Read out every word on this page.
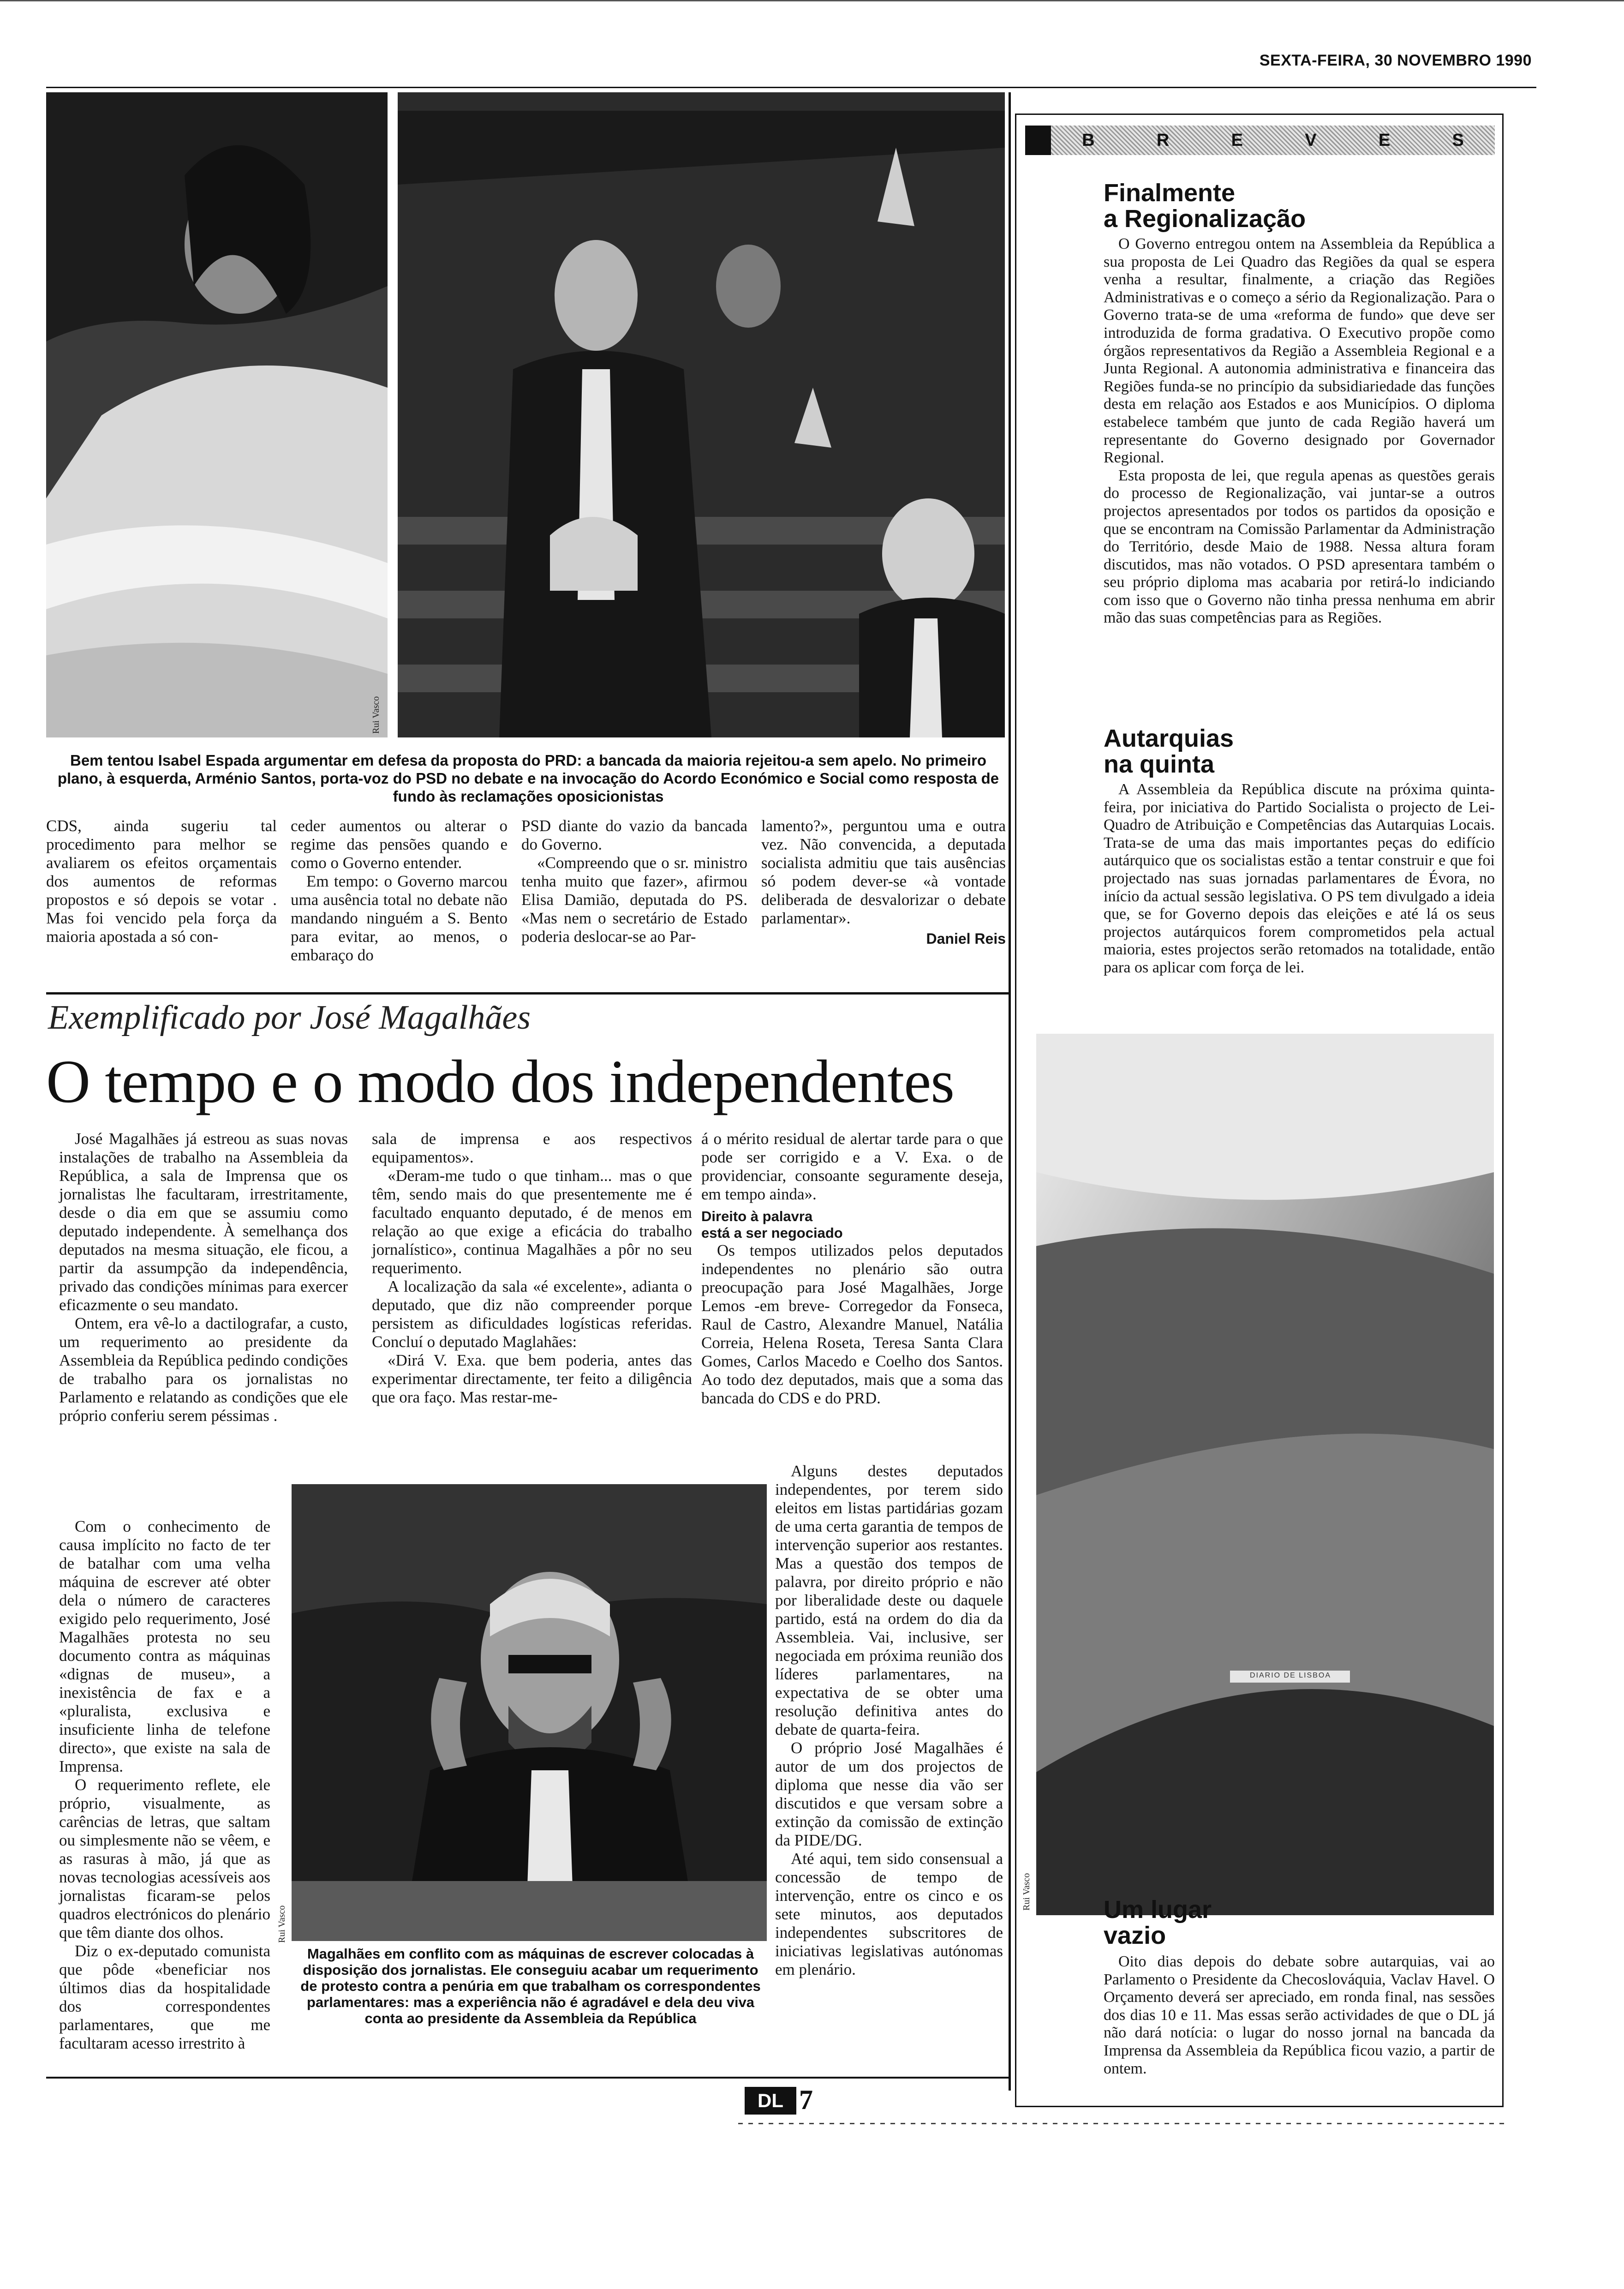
SEXTA-FEIRA, 30 NOVEMBRO 1990
Rui Vasco
Bem tentou Isabel Espada argumentar em defesa da proposta do PRD: a bancada da maioria rejeitou-a sem apelo. No primeiro plano, à esquerda, Arménio Santos, porta-voz do PSD no debate e na invocação do Acordo Económico e Social como resposta de fundo às reclamações oposicionistas

CDS, ainda sugeriu tal procedimento para melhor se avaliarem os efeitos orçamentais dos aumentos de reformas propostos e só depois se votar . Mas foi vencido pela força da maioria apostada a só con-

ceder aumentos ou alterar o regime das pensões quando e como o Governo entender.

Em tempo: o Governo marcou uma ausência total no debate não mandando ninguém a S. Bento para evitar, ao menos, o embaraço do

PSD diante do vazio da bancada do Governo.

«Compreendo que o sr. ministro tenha muito que fazer», afirmou Elisa Damião, deputada do PS. «Mas nem o secretário de Estado poderia deslocar-se ao Par-

lamento?», perguntou uma e outra vez. Não convencida, a deputada socialista admitiu que tais ausências só podem dever-se «à vontade deliberada de desvalorizar o debate parlamentar».

Daniel Reis
Exemplificado por José Magalhães
O tempo e o modo dos independentes

José Magalhães já estreou as suas novas instalações de trabalho na Assembleia da República, a sala de Imprensa que os jornalistas lhe facultaram, irrestritamente, desde o dia em que se assumiu como deputado independente. À semelhança dos deputados na mesma situação, ele ficou, a partir da assumpção da independência, privado das condições mínimas para exercer eficazmente o seu mandato.

Ontem, era vê-lo a dactilografar, a custo, um requerimento ao presidente da Assembleia da República pedindo condições de trabalho para os jornalistas no Parlamento e relatando as condições que ele próprio conferiu serem péssimas .

Com o conhecimento de causa implícito no facto de ter de batalhar com uma velha máquina de escrever até obter dela o número de caracteres exigido pelo requerimento, José Magalhães protesta no seu documento contra as máquinas «dignas de museu», a inexistência de fax e a «pluralista, exclusiva e insuficiente linha de telefone directo», que existe na sala de Imprensa.

O requerimento reflete, ele próprio, visualmente, as carências de letras, que saltam ou simplesmente não se vêem, e as rasuras à mão, já que as novas tecnologias acessíveis aos jornalistas ficaram-se pelos quadros electrónicos do plenário que têm diante dos olhos.

Diz o ex-deputado comunista que pôde «beneficiar nos últimos dias da hospitalidade dos correspondentes parlamentares, que me facultaram acesso irrestrito à

sala de imprensa e aos respectivos equipamentos».

«Deram-me tudo o que tinham... mas o que têm, sendo mais do que presentemente me é facultado enquanto deputado, é de menos em relação ao que exige a eficácia do trabalho jornalístico», continua Magalhães a pôr no seu requerimento.

A localização da sala «é excelente», adianta o deputado, que diz não compreender porque persistem as dificuldades logísticas referidas. Concluí o deputado Maglahães:

«Dirá V. Exa. que bem poderia, antes das experimentar directamente, ter feito a diligência que ora faço. Mas restar-me-

á o mérito residual de alertar tarde para o que pode ser corrigido e a V. Exa. o de providenciar, consoante seguramente deseja, em tempo ainda».

Direito à palavra
está a ser negociado

Os tempos utilizados pelos deputados independentes no plenário são outra preocupação para José Magalhães, Jorge Lemos -em breve- Corregedor da Fonseca, Raul de Castro, Alexandre Manuel, Natália Correia, Helena Roseta, Teresa Santa Clara Gomes, Carlos Macedo e Coelho dos Santos. Ao todo dez deputados, mais que a soma das bancada do CDS e do PRD.

Alguns destes deputados independentes, por terem sido eleitos em listas partidárias gozam de uma certa garantia de tempos de intervenção superior aos restantes. Mas a questão dos tempos de palavra, por direito próprio e não por liberalidade deste ou daquele partido, está na ordem do dia da Assembleia. Vai, inclusive, ser negociada em próxima reunião dos líderes parlamentares, na expectativa de se obter uma resolução definitiva antes do debate de quarta-feira.

O próprio José Magalhães é autor de um dos projectos de diploma que nesse dia vão ser discutidos e que versam sobre a extinção da comissão de extinção da PIDE/DG.

Até aqui, tem sido consensual a concessão de tempo de intervenção, entre os cinco e os sete minutos, aos deputados independentes subscritores de iniciativas legislativas autónomas em plenário.

Rui Vasco
Magalhães em conflito com as máquinas de escrever colocadas à disposição dos jornalistas. Ele conseguiu acabar um requerimento de protesto contra a penúria em que trabalham os correspondentes parlamentares: mas a experiência não é agradável e dela deu viva conta ao presidente da Assembleia da República
B	R	E	V	E	S
Finalmente
a Regionalização

O Governo entregou ontem na Assembleia da República a sua proposta de Lei Quadro das Regiões da qual se espera venha a resultar, finalmente, a criação das Regiões Administrativas e o começo a sério da Regionalização. Para o Governo trata-se de uma «reforma de fundo» que deve ser introduzida de forma gradativa. O Executivo propõe como órgãos representativos da Região a Assembleia Regional e a Junta Regional. A autonomia administrativa e financeira das Regiões funda-se no princípio da subsidiariedade das funções desta em relação aos Estados e aos Municípios. O diploma estabelece também que junto de cada Região haverá um representante do Governo designado por Governador Regional.

Esta proposta de lei, que regula apenas as questões gerais do processo de Regionalização, vai juntar-se a outros projectos apresentados por todos os partidos da oposição e que se encontram na Comissão Parlamentar da Administração do Território, desde Maio de 1988. Nessa altura foram discutidos, mas não votados. O PSD apresentara também o seu próprio diploma mas acabaria por retirá-lo indiciando com isso que o Governo não tinha pressa nenhuma em abrir mão das suas competências para as Regiões.

Autarquias
na quinta

A Assembleia da República discute na próxima quinta-feira, por iniciativa do Partido Socialista o projecto de Lei-Quadro de Atribuição e Competências das Autarquias Locais. Trata-se de uma das mais importantes peças do edifício autárquico que os socialistas estão a tentar construir e que foi projectado nas suas jornadas parlamentares de Évora, no início da actual sessão legislativa. O PS tem divulgado a ideia que, se for Governo depois das eleições e até lá os seus projectos autárquicos forem comprometidos pela actual maioria, estes projectos serão retomados na totalidade, então para os aplicar com força de lei.

DIARIO DE LISBOA
Rui Vasco	Um lugar
vazio

Oito dias depois do debate sobre autarquias, vai ao Parlamento o Presidente da Checoslováquia, Vaclav Havel. O Orçamento deverá ser apreciado, em ronda final, nas sessões dos dias 10 e 11. Mas essas serão actividades de que o DL já não dará notícia: o lugar do nosso jornal na bancada da Imprensa da Assembleia da República ficou vazio, a partir de ontem.

DL 7
